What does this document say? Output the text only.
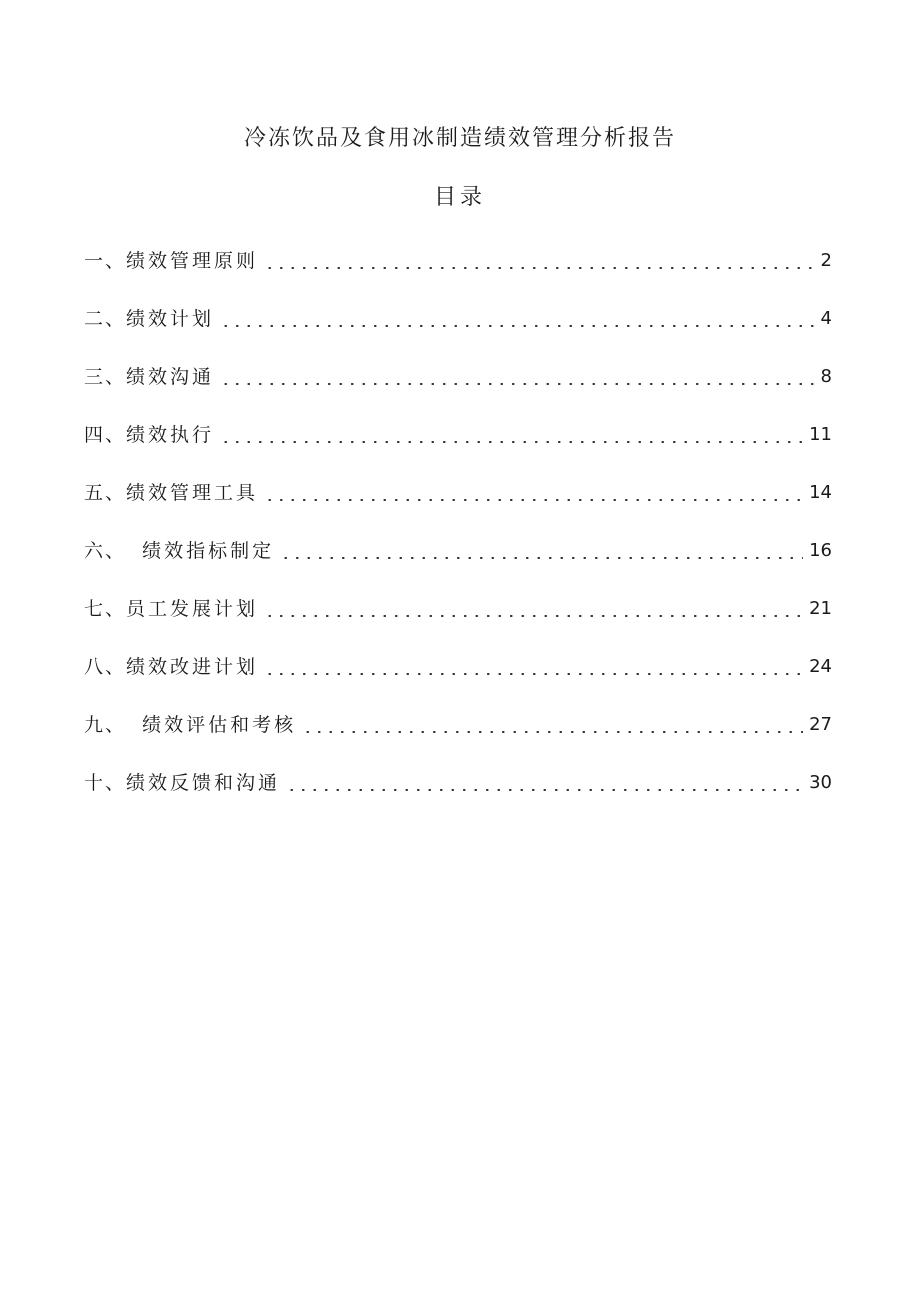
冷冻饮品及食用冰制造绩效管理分析报告
目录
一、 绩效管理原则	2
二、 绩效计划	4
三、 绩效沟通	8
四、 绩效执行	11
五、 绩效管理工具	14
六、 绩效指标制定	16
七、 员工发展计划	21
八、 绩效改进计划	24
九、 绩效评估和考核	27
十、 绩效反馈和沟通	30
